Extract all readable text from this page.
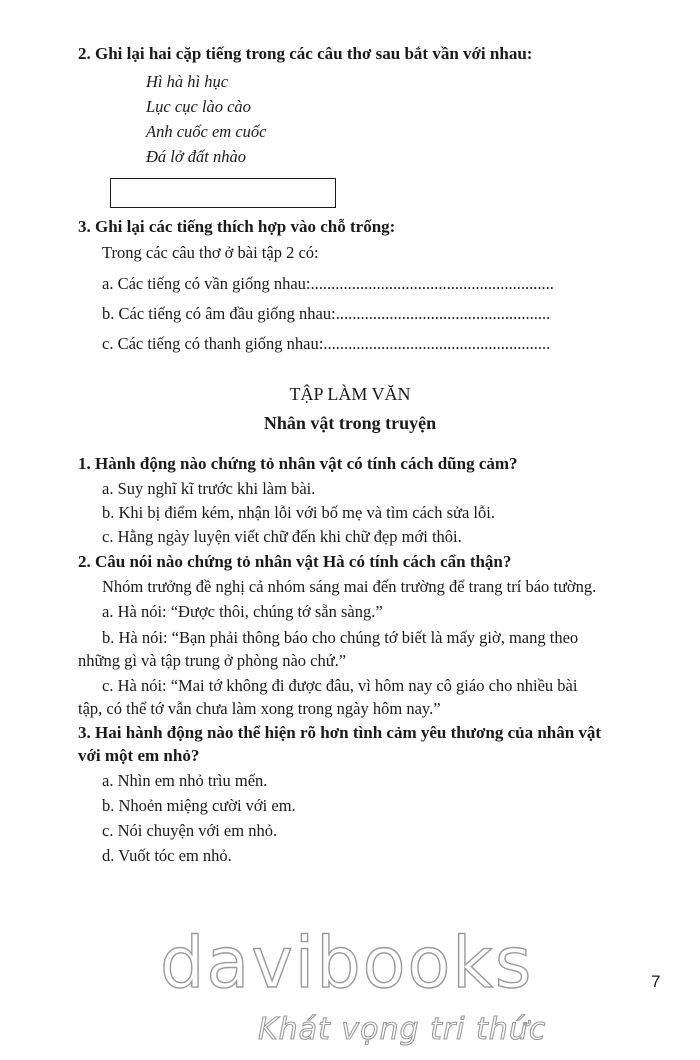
2. Ghi lại hai cặp tiếng trong các câu thơ sau bắt vần với nhau:
Hì hà hì hục
Lục cục lào cào
Anh cuốc em cuốc
Đá lở đất nhào
3. Ghi lại các tiếng thích hợp vào chỗ trống:
Trong các câu thơ ở bài tập 2 có:
a. Các tiếng có vần giống nhau:...........................................................
b. Các tiếng có âm đầu giống nhau:....................................................
c. Các tiếng có thanh giống nhau:.......................................................
TẬP LÀM VĂN
Nhân vật trong truyện
1. Hành động nào chứng tỏ nhân vật có tính cách dũng cảm?
a. Suy nghĩ kĩ trước khi làm bài.
b. Khi bị điểm kém, nhận lỗi với bố mẹ và tìm cách sửa lỗi.
c. Hằng ngày luyện viết chữ đến khi chữ đẹp mới thôi.
2. Câu nói nào chứng tỏ nhân vật Hà có tính cách cẩn thận?
Nhóm trưởng đề nghị cả nhóm sáng mai đến trường để trang trí báo tường.
a. Hà nói: “Được thôi, chúng tớ sẵn sàng.”
b. Hà nói: “Bạn phải thông báo cho chúng tớ biết là mấy giờ, mang theo
những gì và tập trung ở phòng nào chứ.”
c. Hà nói: “Mai tớ không đi được đâu, vì hôm nay cô giáo cho nhiều bài
tập, có thể tớ vẫn chưa làm xong trong ngày hôm nay.”
3. Hai hành động nào thể hiện rõ hơn tình cảm yêu thương của nhân vật
với một em nhỏ?
a. Nhìn em nhỏ trìu mến.
b. Nhoẻn miệng cười với em.
c. Nói chuyện với em nhỏ.
d. Vuốt tóc em nhỏ.
7
davibooks
Khát vọng tri thức
